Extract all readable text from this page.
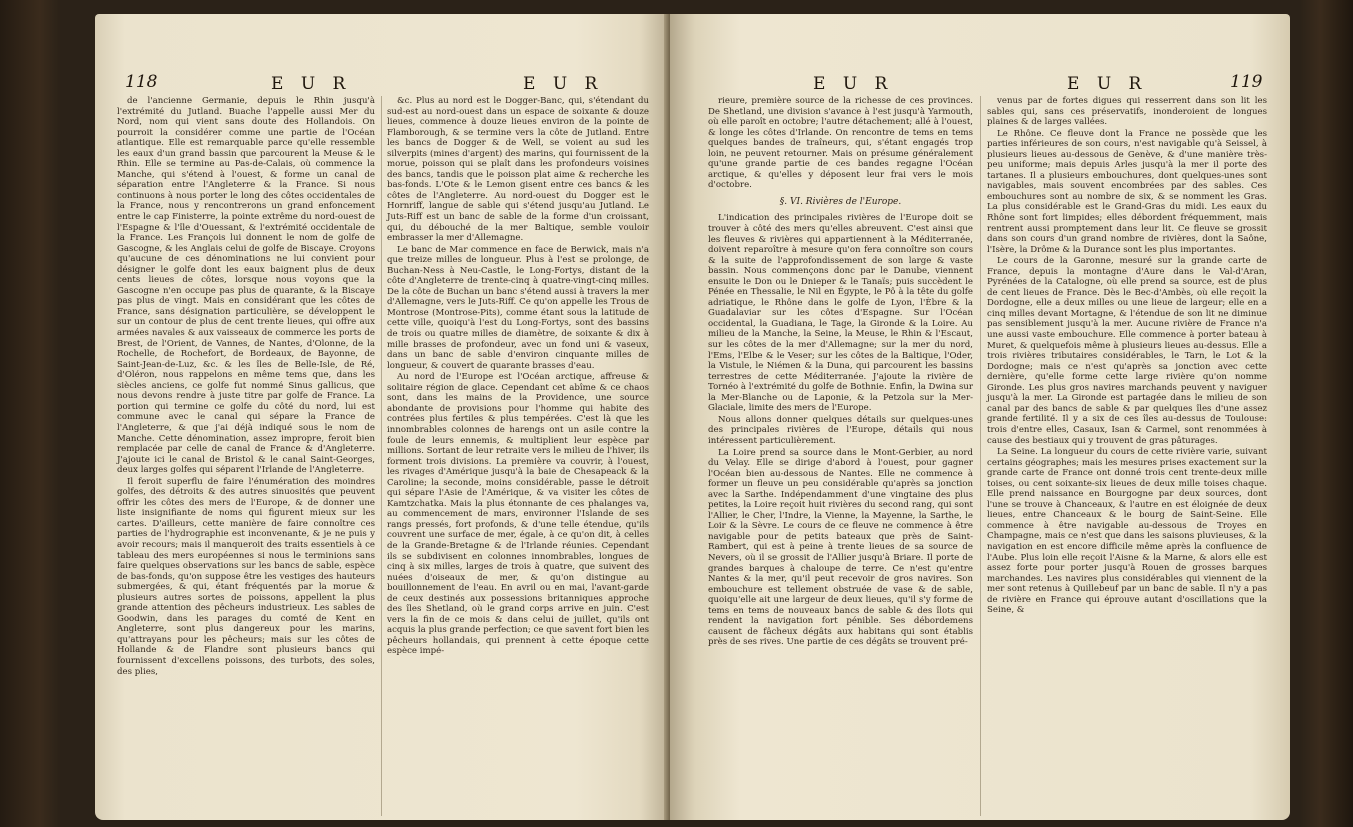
118	E U R	E U R

de l'ancienne Germanie, depuis le Rhin jusqu'à l'extrémité du Jutland. Buache l'appelle aussi Mer du Nord, nom qui vient sans doute des Hollandois. On pourroit la considérer comme une partie de l'Océan atlantique. Elle est remarquable parce qu'elle ressemble les eaux d'un grand bassin que parcourent la Meuse & le Rhin. Elle se termine au Pas-de-Calais, où commence la Manche, qui s'étend à l'ouest, & forme un canal de séparation entre l'Angleterre & la France. Si nous continuons à nous porter le long des côtes occidentales de la France, nous y rencontrerons un grand enfoncement entre le cap Finisterre, la pointe extrême du nord-ouest de l'Espagne & l'île d'Ouessant, & l'extrémité occidentale de la France. Les François lui donnent le nom de golfe de Gascogne, & les Anglais celui de golfe de Biscaye. Croyons qu'aucune de ces dénominations ne lui convient pour désigner le golfe dont les eaux baignent plus de deux cents lieues de côtes, lorsque nous voyons que la Gascogne n'en occupe pas plus de quarante, & la Biscaye pas plus de vingt. Mais en considérant que les côtes de France, sans désignation particulière, se développent le sur un contour de plus de cent trente lieues, qui offre aux armées navales & aux vaisseaux de commerce les ports de Brest, de l'Orient, de Vannes, de Nantes, d'Olonne, de la Rochelle, de Rochefort, de Bordeaux, de Bayonne, de Saint-Jean-de-Luz, &c. & les îles de Belle-Isle, de Ré, d'Oléron, nous rappelons en même tems que, dans les siècles anciens, ce golfe fut nommé Sinus gallicus, que nous devons rendre à juste titre par golfe de France. La portion qui termine ce golfe du côté du nord, lui est commune avec le canal qui sépare la France de l'Angleterre, & que j'ai déjà indiqué sous le nom de Manche. Cette dénomination, assez impropre, feroit bien remplacée par celle de canal de France & d'Angleterre. J'ajoute ici le canal de Bristol & le canal Saint-Georges, deux larges golfes qui séparent l'Irlande de l'Angleterre.

Il feroit superflu de faire l'énumération des moindres golfes, des détroits & des autres sinuosités que peuvent offrir les côtes des mers de l'Europe, & de donner une liste insignifiante de noms qui figurent mieux sur les cartes. D'ailleurs, cette manière de faire connoître ces parties de l'hydrographie est inconvenante, & je ne puis y avoir recours; mais il manqueroit des traits essentiels à ce tableau des mers européennes si nous le terminions sans faire quelques observations sur les bancs de sable, espèce de bas-fonds, qu'on suppose être les vestiges des hauteurs submergées, & qui, étant fréquentés par la morue & plusieurs autres sortes de poissons, appellent la plus grande attention des pêcheurs industrieux. Les sables de Goodwin, dans les parages du comté de Kent en Angleterre, sont plus dangereux pour les marins, qu'attrayans pour les pêcheurs; mais sur les côtes de Hollande & de Flandre sont plusieurs bancs qui fournissent d'excellens poissons, des turbots, des soles, des plies,

&c. Plus au nord est le Dogger-Banc, qui, s'étendant du sud-est au nord-ouest dans un espace de soixante & douze lieues, commence à douze lieues environ de la pointe de Flamborough, & se termine vers la côte de Jutland. Entre les bancs de Dogger & de Well, se voient au sud les silverpits (mines d'argent) des marins, qui fournissent de la morue, poisson qui se plaît dans les profondeurs voisines des bancs, tandis que le poisson plat aime & recherche les bas-fonds. L'Ote & le Lemon gisent entre ces bancs & les côtes de l'Angleterre. Au nord-ouest du Dogger est le Hornriff, langue de sable qui s'étend jusqu'au Jutland. Le Juts-Riff est un banc de sable de la forme d'un croissant, qui, du débouché de la mer Baltique, semble vouloir embrasser la mer d'Allemagne.

Le banc de Mar commence en face de Berwick, mais n'a que treize milles de longueur. Plus à l'est se prolonge, de Buchan-Ness à Neu-Castle, le Long-Fortys, distant de la côte d'Angleterre de trente-cinq à quatre-vingt-cinq milles. De la côte de Buchan un banc s'étend aussi à travers la mer d'Allemagne, vers le Juts-Riff. Ce qu'on appelle les Trous de Montrose (Montrose-Pits), comme étant sous la latitude de cette ville, quoiqu'à l'est du Long-Fortys, sont des bassins de trois ou quatre milles de diamètre, de soixante & dix à mille brasses de profondeur, avec un fond uni & vaseux, dans un banc de sable d'environ cinquante milles de longueur, & couvert de quarante brasses d'eau.

Au nord de l'Europe est l'Océan arctique, affreuse & solitaire région de glace. Cependant cet abîme & ce chaos sont, dans les mains de la Providence, une source abondante de provisions pour l'homme qui habite des contrées plus fertiles & plus tempérées. C'est là que les innombrables colonnes de harengs ont un asile contre la foule de leurs ennemis, & multiplient leur espèce par millions. Sortant de leur retraite vers le milieu de l'hiver, ils forment trois divisions. La première va couvrir, à l'ouest, les rivages d'Amérique jusqu'à la baie de Chesapeack & la Caroline; la seconde, moins considérable, passe le détroit qui sépare l'Asie de l'Amérique, & va visiter les côtes de Kamtzchatka. Mais la plus étonnante de ces phalanges va, au commencement de mars, environner l'Islande de ses rangs pressés, fort profonds, & d'une telle étendue, qu'ils couvrent une surface de mer, égale, à ce qu'on dit, à celles de la Grande-Bretagne & de l'Irlande réunies. Cependant ils se subdivisent en colonnes innombrables, longues de cinq à six milles, larges de trois à quatre, que suivent des nuées d'oiseaux de mer, & qu'on distingue au bouillonnement de l'eau. En avril ou en mai, l'avant-garde de ceux destinés aux possessions britanniques approche des îles Shetland, où le grand corps arrive en juin. C'est vers la fin de ce mois & dans celui de juillet, qu'ils ont acquis la plus grande perfection; ce que savent fort bien les pêcheurs hollandais, qui prennent à cette époque cette espèce impé-

E U R	E U R	119

rieure, première source de la richesse de ces provinces. De Shetland, une division s'avance à l'est jusqu'à Yarmouth, où elle paroît en octobre; l'autre détachement; allé à l'ouest, & longe les côtes d'Irlande. On rencontre de tems en tems quelques bandes de traîneurs, qui, s'étant engagés trop loin, ne peuvent retourner. Mais on présume généralement qu'une grande partie de ces bandes regagne l'Océan arctique, & qu'elles y déposent leur frai vers le mois d'octobre.

§. VI. Rivières de l'Europe.

L'indication des principales rivières de l'Europe doit se trouver à côté des mers qu'elles abreuvent. C'est ainsi que les fleuves & rivières qui appartiennent à la Méditerranée, doivent reparoître à mesure qu'on fera connoître son cours & la suite de l'approfondissement de son large & vaste bassin. Nous commençons donc par le Danube, viennent ensuite le Don ou le Dnieper & le Tanaïs; puis succèdent le Pénée en Thessalie, le Nil en Égypte, le Pô à la tête du golfe adriatique, le Rhône dans le golfe de Lyon, l'Èbre & la Guadalaviar sur les côtes d'Espagne. Sur l'Océan occidental, la Guadiana, le Tage, la Gironde & la Loire. Au milieu de la Manche, la Seine, la Meuse, le Rhin & l'Escaut, sur les côtes de la mer d'Allemagne; sur la mer du nord, l'Ems, l'Elbe & le Veser; sur les côtes de la Baltique, l'Oder, la Vistule, le Niémen & la Duna, qui parcourent les bassins terrestres de cette Méditerranée. J'ajoute la rivière de Tornéo à l'extrémité du golfe de Bothnie. Enfin, la Dwina sur la Mer-Blanche ou de Laponie, & la Petzola sur la Mer-Glaciale, limite des mers de l'Europe.

Nous allons donner quelques détails sur quelques-unes des principales rivières de l'Europe, détails qui nous intéressent particulièrement.

La Loire prend sa source dans le Mont-Gerbier, au nord du Velay. Elle se dirige d'abord à l'ouest, pour gagner l'Océan bien au-dessous de Nantes. Elle ne commence à former un fleuve un peu considérable qu'après sa jonction avec la Sarthe. Indépendamment d'une vingtaine des plus petites, la Loire reçoit huit rivières du second rang, qui sont l'Allier, le Cher, l'Indre, la Vienne, la Mayenne, la Sarthe, le Loir & la Sèvre. Le cours de ce fleuve ne commence à être navigable pour de petits bateaux que près de Saint-Rambert, qui est à peine à trente lieues de sa source de Nevers, où il se grossit de l'Allier jusqu'à Briare. Il porte de grandes barques à chaloupe de terre. Ce n'est qu'entre Nantes & la mer, qu'il peut recevoir de gros navires. Son embouchure est tellement obstruée de vase & de sable, quoiqu'elle ait une largeur de deux lieues, qu'il s'y forme de tems en tems de nouveaux bancs de sable & des îlots qui rendent la navigation fort pénible. Ses débordemens causent de fâcheux dégâts aux habitans qui sont établis près de ses rives. Une partie de ces dégâts se trouvent pré-

venus par de fortes digues qui resserrent dans son lit les sables qui, sans ces préservatifs, inonderoient de longues plaines & de larges vallées.

Le Rhône. Ce fleuve dont la France ne possède que les parties inférieures de son cours, n'est navigable qu'à Seissel, à plusieurs lieues au-dessous de Genève, & d'une manière très-peu uniforme; mais depuis Arles jusqu'à la mer il porte des tartanes. Il a plusieurs embouchures, dont quelques-unes sont navigables, mais souvent encombrées par des sables. Ces embouchures sont au nombre de six, & se nomment les Gras. La plus considérable est le Grand-Gras du midi. Les eaux du Rhône sont fort limpides; elles débordent fréquemment, mais rentrent aussi promptement dans leur lit. Ce fleuve se grossit dans son cours d'un grand nombre de rivières, dont la Saône, l'Isère, la Drôme & la Durance sont les plus importantes.

Le cours de la Garonne, mesuré sur la grande carte de France, depuis la montagne d'Aure dans le Val-d'Aran, Pyrénées de la Catalogne, où elle prend sa source, est de plus de cent lieues de France. Dès le Bec-d'Ambès, où elle reçoit la Dordogne, elle a deux milles ou une lieue de largeur; elle en a cinq milles devant Mortagne, & l'étendue de son lit ne diminue pas sensiblement jusqu'à la mer. Aucune rivière de France n'a une aussi vaste embouchure. Elle commence à porter bateau à Muret, & quelquefois même à plusieurs lieues au-dessus. Elle a trois rivières tributaires considérables, le Tarn, le Lot & la Dordogne; mais ce n'est qu'après sa jonction avec cette dernière, qu'elle forme cette large rivière qu'on nomme Gironde. Les plus gros navires marchands peuvent y naviguer jusqu'à la mer. La Gironde est partagée dans le milieu de son canal par des bancs de sable & par quelques îles d'une assez grande fertilité. Il y a six de ces îles au-dessus de Toulouse: trois d'entre elles, Casaux, Isan & Carmel, sont renommées à cause des bestiaux qui y trouvent de gras pâturages.

La Seine. La longueur du cours de cette rivière varie, suivant certains géographes; mais les mesures prises exactement sur la grande carte de France ont donné trois cent trente-deux mille toises, ou cent soixante-six lieues de deux mille toises chaque. Elle prend naissance en Bourgogne par deux sources, dont l'une se trouve à Chanceaux, & l'autre en est éloignée de deux lieues, entre Chanceaux & le bourg de Saint-Seine. Elle commence à être navigable au-dessous de Troyes en Champagne, mais ce n'est que dans les saisons pluvieuses, & la navigation en est encore difficile même après la confluence de l'Aube. Plus loin elle reçoit l'Aisne & la Marne, & alors elle est assez forte pour porter jusqu'à Rouen de grosses barques marchandes. Les navires plus considérables qui viennent de la mer sont retenus à Quillebeuf par un banc de sable. Il n'y a pas de rivière en France qui éprouve autant d'oscillations que la Seine, &
